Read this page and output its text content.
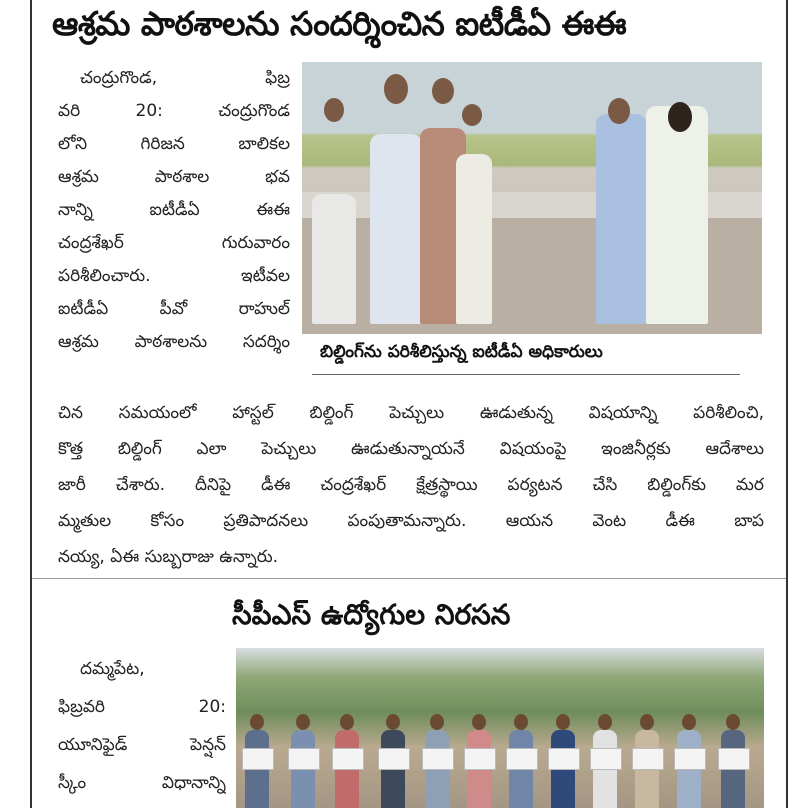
ఆశ్రమ పాఠశాలను సందర్శించిన ఐటీడీఏ ఈఈ
చంద్రుగొండ, ఫిబ్ర
వరి 20: చంద్రుగొండ
లోని గిరిజన బాలికల
ఆశ్రమ పాఠశాల భవ
నాన్ని ఐటీడీఏ ఈఈ
చంద్రశేఖర్ గురువారం
పరిశీలించారు. ఇటీవల
ఐటీడీఏ పీవో రాహుల్
ఆశ్రమ పాఠశాలను సదర్శిం బిల్డింగ్‌ను పరిశీలిస్తున్న ఐటీడీఏ అధికారులు
చిన సమయంలో హాస్టల్ బిల్డింగ్ పెచ్చులు ఊడుతున్న విషయాన్ని పరిశీలించి,
కొత్త బిల్డింగ్ ఎలా పెచ్చులు ఊడుతున్నాయనే విషయంపై ఇంజినీర్లకు ఆదేశాలు
జారీ చేశారు. దీనిపై డీఈ చంద్రశేఖర్ క్షేత్రస్థాయి పర్యటన చేసి బిల్డింగ్‌కు మర
మ్మతుల కోసం ప్రతిపాదనలు పంపుతామన్నారు. ఆయన వెంట డీఈ బాప
నయ్య, ఏఈ సుబ్బరాజు ఉన్నారు.
సీపీఎస్ ఉద్యోగుల నిరసన
దమ్మపేట,
ఫిబ్రవరి 20:
యూనిఫైడ్ పెన్షన్
స్కీం విధానాన్ని
